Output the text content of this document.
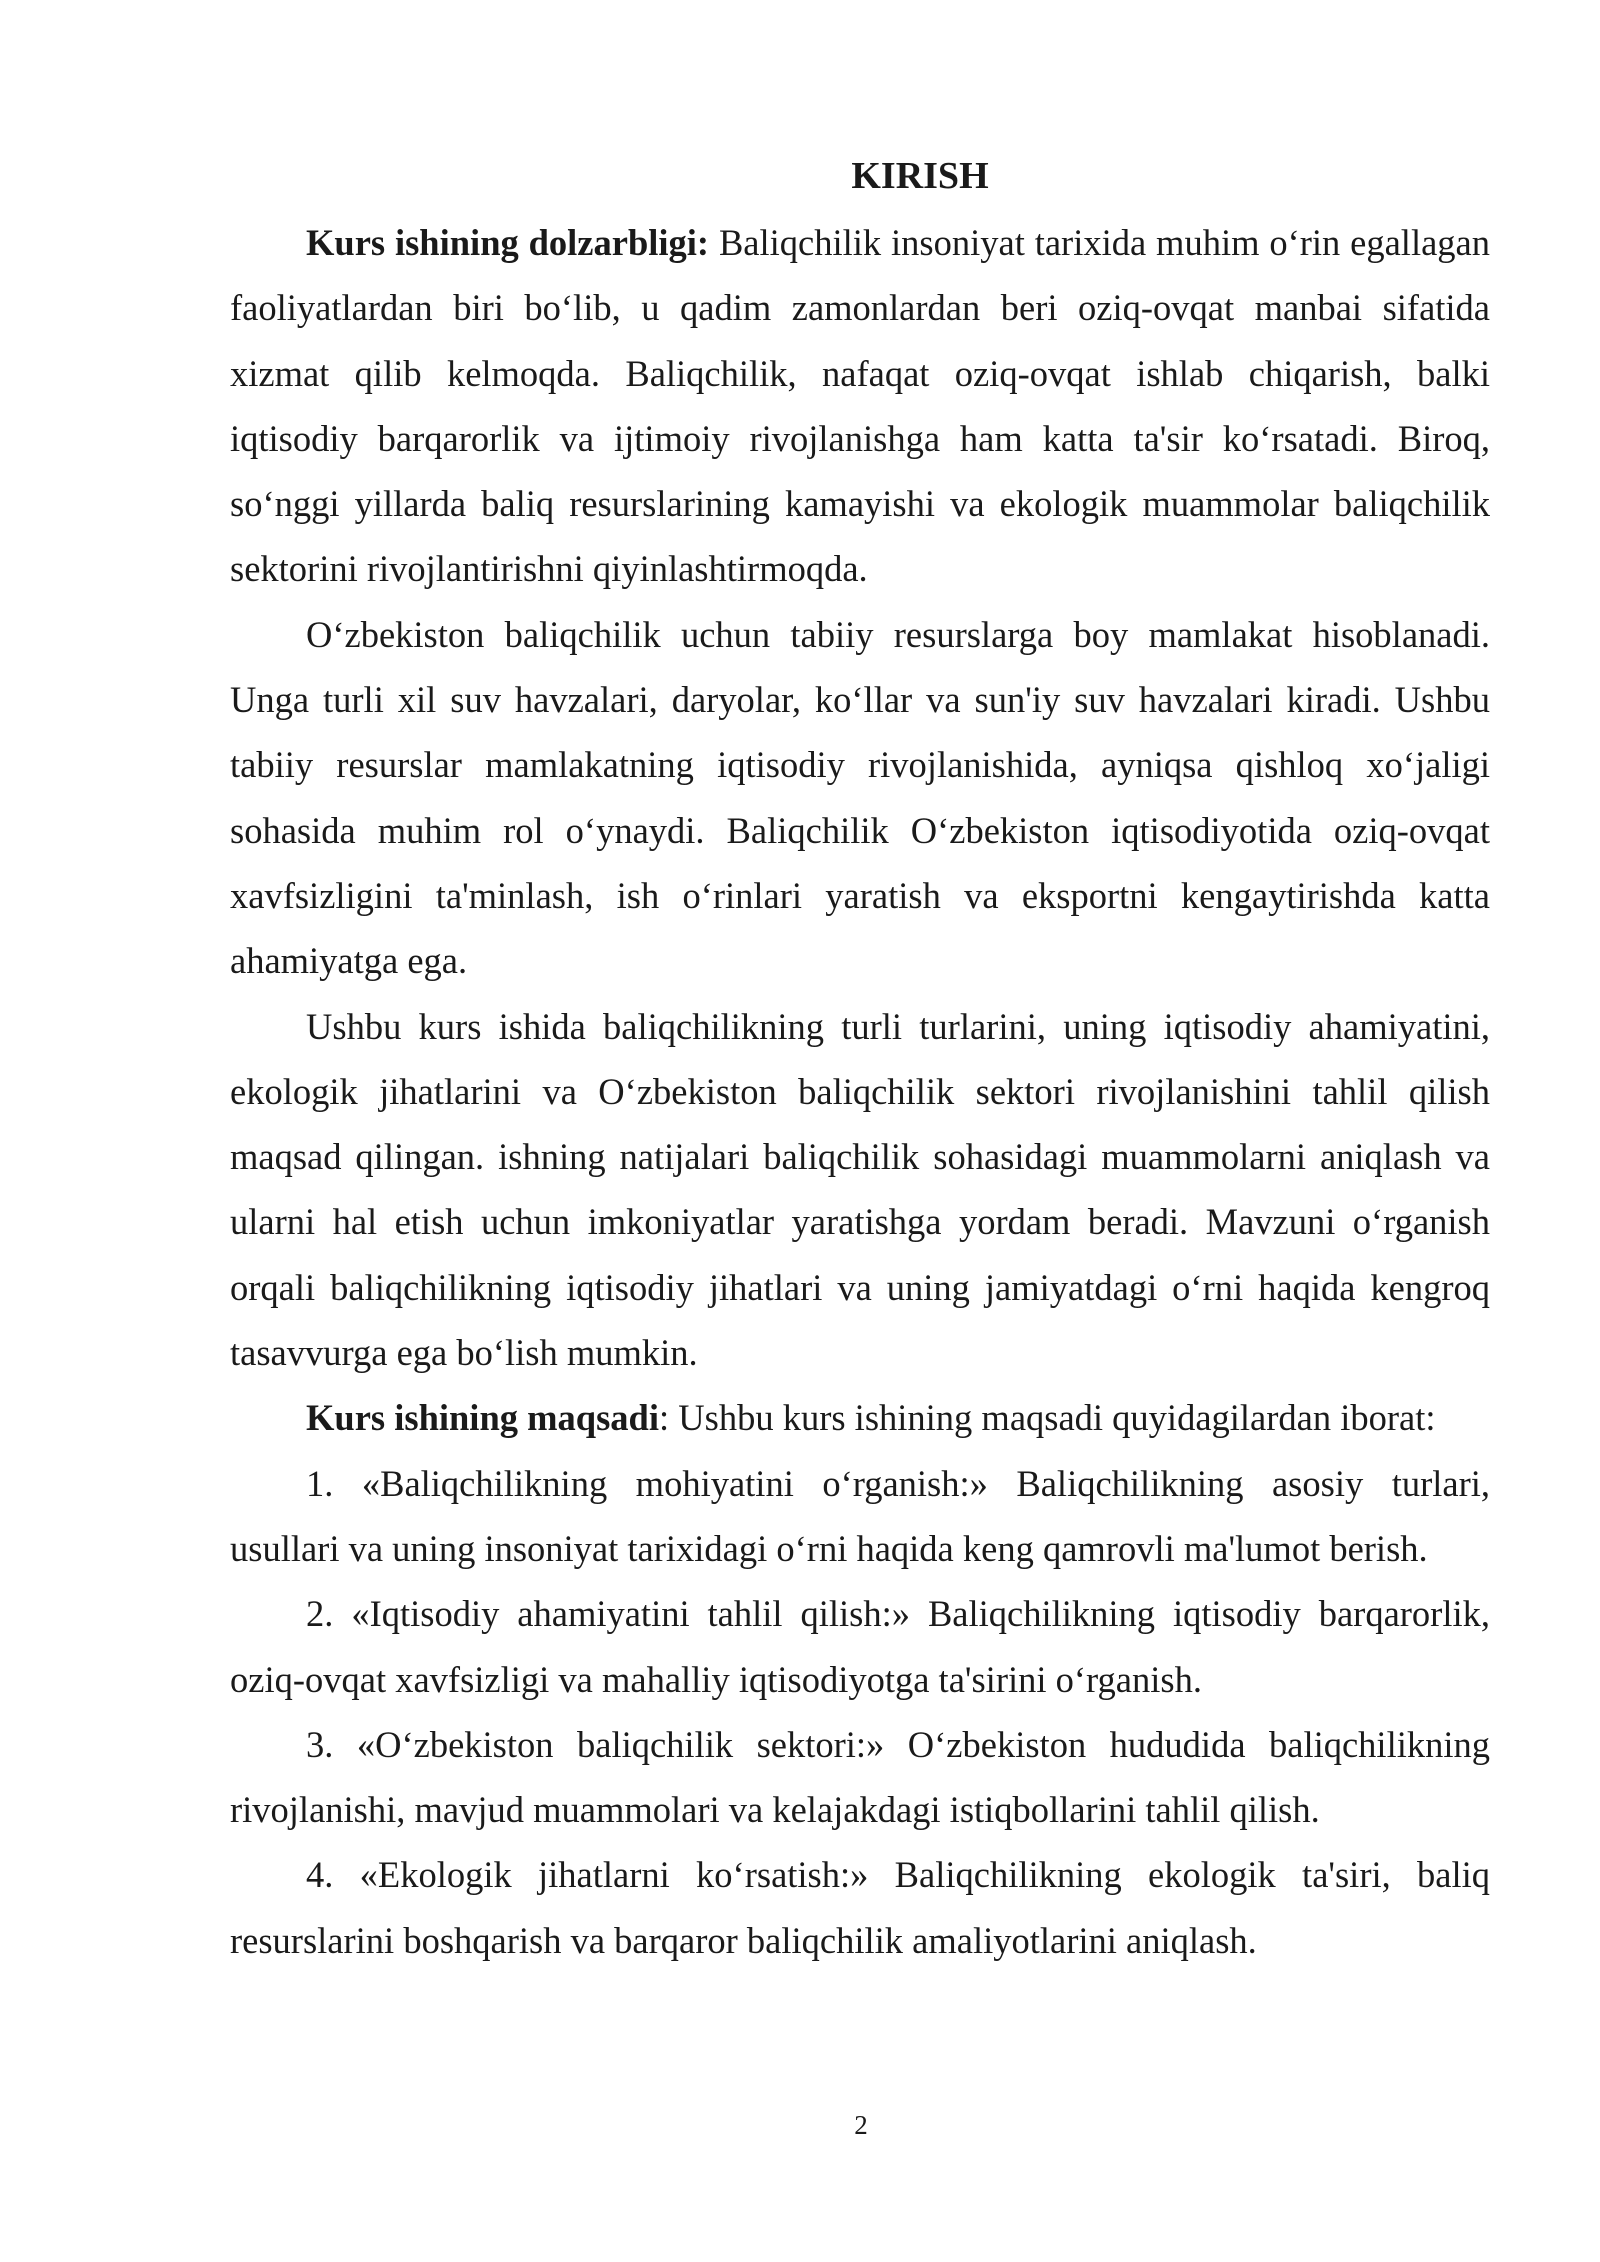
KIRISH

Kurs ishining dolzarbligi: Baliqchilik insoniyat tarixida muhim o‘rin egallagan faoliyatlardan biri bo‘lib, u qadim zamonlardan beri oziq-ovqat manbai sifatida xizmat qilib kelmoqda. Baliqchilik, nafaqat oziq-ovqat ishlab chiqarish, balki iqtisodiy barqarorlik va ijtimoiy rivojlanishga ham katta ta'sir ko‘rsatadi. Biroq, so‘nggi yillarda baliq resurslarining kamayishi va ekologik muammolar baliqchilik sektorini rivojlantirishni qiyinlashtirmoqda.

O‘zbekiston baliqchilik uchun tabiiy resurslarga boy mamlakat hisoblanadi. Unga turli xil suv havzalari, daryolar, ko‘llar va sun'iy suv havzalari kiradi. Ushbu tabiiy resurslar mamlakatning iqtisodiy rivojlanishida, ayniqsa qishloq xo‘jaligi sohasida muhim rol o‘ynaydi. Baliqchilik O‘zbekiston iqtisodiyotida oziq-ovqat xavfsizligini ta'minlash, ish o‘rinlari yaratish va eksportni kengaytirishda katta ahamiyatga ega.

Ushbu kurs ishida baliqchilikning turli turlarini, uning iqtisodiy ahamiyatini, ekologik jihatlarini va O‘zbekiston baliqchilik sektori rivojlanishini tahlil qilish maqsad qilingan. ishning natijalari baliqchilik sohasidagi muammolarni aniqlash va ularni hal etish uchun imkoniyatlar yaratishga yordam beradi. Mavzuni o‘rganish orqali baliqchilikning iqtisodiy jihatlari va uning jamiyatdagi o‘rni haqida kengroq tasavvurga ega bo‘lish mumkin.

Kurs ishining maqsadi: Ushbu kurs ishining maqsadi quyidagilardan iborat:

1. «Baliqchilikning mohiyatini o‘rganish:» Baliqchilikning asosiy turlari, usullari va uning insoniyat tarixidagi o‘rni haqida keng qamrovli ma'lumot berish.

2. «Iqtisodiy ahamiyatini tahlil qilish:» Baliqchilikning iqtisodiy barqarorlik, oziq-ovqat xavfsizligi va mahalliy iqtisodiyotga ta'sirini o‘rganish.

3. «O‘zbekiston baliqchilik sektori:» O‘zbekiston hududida baliqchilikning rivojlanishi, mavjud muammolari va kelajakdagi istiqbollarini tahlil qilish.

4. «Ekologik jihatlarni ko‘rsatish:» Baliqchilikning ekologik ta'siri, baliq resurslarini boshqarish va barqaror baliqchilik amaliyotlarini aniqlash.

2
